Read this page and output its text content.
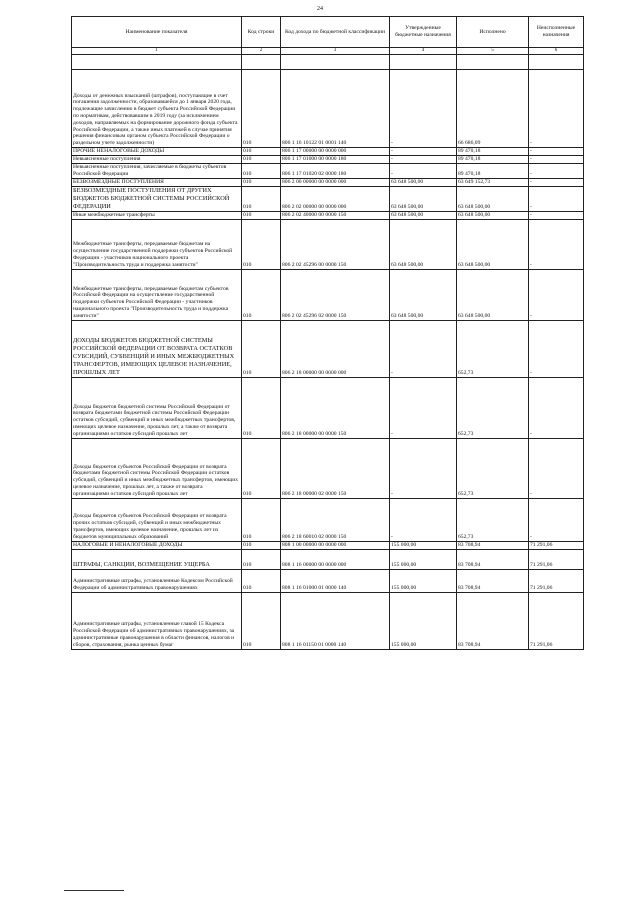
24
Наименование показателя	Код строки	Код дохода по бюджетной классификации	Утвержденные бюджетные назначения	Исполнено	Неисполненные назначения
1	2	3	4	5	6

Доходы от денежных взысканий (штрафов), поступающие в счет погашения задолженности, образовавшейся до 1 января 2020 года, подлежащие зачислению в бюджет субъекта Российской Федерации по нормативам, действовавшим в 2019 году (за исключением доходов, направляемых на формирование дорожного фонда субъекта Российской Федерации, а также иных платежей в случае принятия решения финансовым органом субъекта Российской Федерации о раздельном учете задолженности)	010	806 1 16 10122 01 0001 140	-	66 686,09	-
ПРОЧИЕ НЕНАЛОГОВЫЕ ДОХОДЫ	010	806 1 17 00000 00 0000 000	-	89 470,18	-
Невыясненные поступления	010	806 1 17 01000 00 0000 180	-	89 470,18	-
Невыясненные поступления, зачисляемые в бюджеты субъектов Российской Федерации	010	806 1 17 01020 02 0000 180	-	89 470,18	-
БЕЗВОЗМЕЗДНЫЕ ПОСТУПЛЕНИЯ	010	806 2 00 00000 00 0000 000	63 648 500,00	63 649 152,73	-
БЕЗВОЗМЕЗДНЫЕ ПОСТУПЛЕНИЯ ОТ ДРУГИХ БЮДЖЕТОВ БЮДЖЕТНОЙ СИСТЕМЫ РОССИЙСКОЙ ФЕДЕРАЦИИ	010	806 2 02 00000 00 0000 000	63 648 500,00	63 648 500,00	-
Иные межбюджетные трансферты	010	806 2 02 40000 00 0000 150	63 648 500,00	63 648 500,00	-
Межбюджетные трансферты, передаваемые бюджетам на осуществление государственной поддержки субъектов Российской Федерации - участников национального проекта "Производительность труда и поддержка занятости"	010	806 2 02 45296 00 0000 150	63 648 500,00	63 648 500,00	-
Межбюджетные трансферты, передаваемые бюджетам субъектов Российской Федерации на осуществление государственной поддержки субъектов Российской Федерации - участников национального проекта "Производительность труда и поддержка занятости"	010	806 2 02 45296 02 0000 150	63 648 500,00	63 648 500,00	-
ДОХОДЫ БЮДЖЕТОВ БЮДЖЕТНОЙ СИСТЕМЫ РОССИЙСКОЙ ФЕДЕРАЦИИ ОТ ВОЗВРАТА ОСТАТКОВ СУБСИДИЙ, СУБВЕНЦИЙ И ИНЫХ МЕЖБЮДЖЕТНЫХ ТРАНСФЕРТОВ, ИМЕЮЩИХ ЦЕЛЕВОЕ НАЗНАЧЕНИЕ, ПРОШЛЫХ ЛЕТ	010	806 2 18 00000 00 0000 000	-	652,73	-
Доходы бюджетов бюджетной системы Российской Федерации от возврата бюджетами бюджетной системы Российской Федерации остатков субсидий, субвенций и иных межбюджетных трансфертов, имеющих целевое назначение, прошлых лет, а также от возврата организациями остатков субсидий прошлых лет	010	806 2 18 00000 00 0000 150	-	652,73	-
Доходы бюджетов субъектов Российской Федерации от возврата бюджетами бюджетной системы Российской Федерации остатков субсидий, субвенций и иных межбюджетных трансфертов, имеющих целевое назначение, прошлых лет, а также от возврата организациями остатков субсидий прошлых лет	010	806 2 18 00000 02 0000 150	-	652,73	-
Доходы бюджетов субъектов Российской Федерации от возврата прочих остатков субсидий, субвенций и иных межбюджетных трансфертов, имеющих целевое назначение, прошлых лет из бюджетов муниципальных образований	010	806 2 18 60010 02 0000 150	-	652,73	-
НАЛОГОВЫЕ И НЕНАЛОГОВЫЕ ДОХОДЫ	010	808 1 00 00000 00 0000 000	155 000,00	83 708,94	71 291,06
ШТРАФЫ, САНКЦИИ, ВОЗМЕЩЕНИЕ УЩЕРБА	010	808 1 16 00000 00 0000 000	155 000,00	83 708,94	71 291,06
Административные штрафы, установленные Кодексом Российской Федерации об административных правонарушениях	010	808 1 16 01000 01 0000 140	155 000,00	83 708,94	71 291,06
Административные штрафы, установленные главой 15 Кодекса Российской Федерации об административных правонарушениях, за административные правонарушения в области финансов, налогов и сборов, страхования, рынка ценных бумаг	010	808 1 16 01150 01 0000 140	155 000,00	83 708,94	71 291,06
